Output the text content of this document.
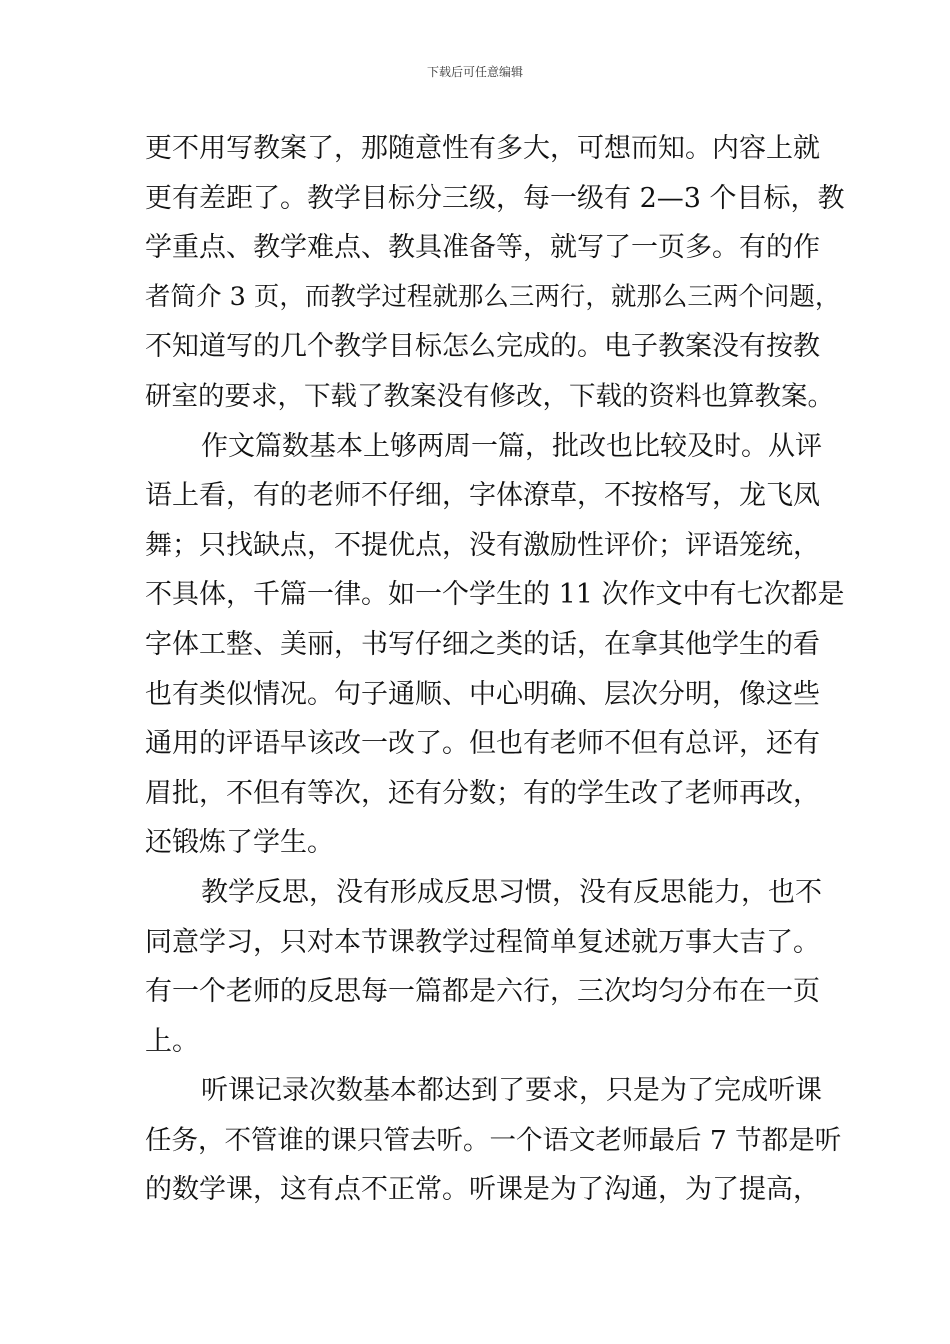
下载后可任意编辑
更不用写教案了，那随意性有多大，可想而知。内容上就
更有差距了。教学目标分三级，每一级有 2—3 个目标，教
学重点、教学难点、教具准备等，就写了一页多。有的作
者简介 3 页，而教学过程就那么三两行，就那么三两个问题，
不知道写的几个教学目标怎么完成的。电子教案没有按教
研室的要求，下载了教案没有修改，下载的资料也算教案。
作文篇数基本上够两周一篇，批改也比较及时。从评
语上看，有的老师不仔细，字体潦草，不按格写，龙飞凤
舞；只找缺点，不提优点，没有激励性评价；评语笼统，
不具体，千篇一律。如一个学生的 11 次作文中有七次都是
字体工整、美丽，书写仔细之类的话，在拿其他学生的看
也有类似情况。句子通顺、中心明确、层次分明，像这些
通用的评语早该改一改了。但也有老师不但有总评，还有
眉批，不但有等次，还有分数；有的学生改了老师再改，
还锻炼了学生。
教学反思，没有形成反思习惯，没有反思能力，也不
同意学习，只对本节课教学过程简单复述就万事大吉了。
有一个老师的反思每一篇都是六行，三次均匀分布在一页
上。
听课记录次数基本都达到了要求，只是为了完成听课
任务，不管谁的课只管去听。一个语文老师最后 7 节都是听
的数学课，这有点不正常。听课是为了沟通，为了提高，
